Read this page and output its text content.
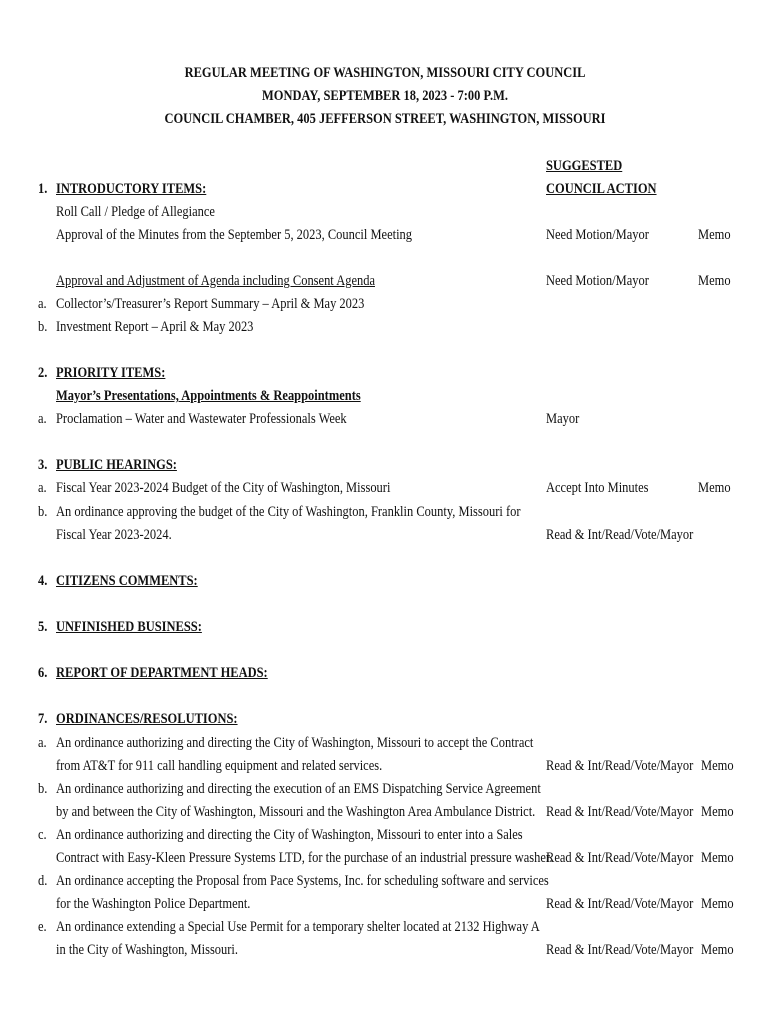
REGULAR MEETING OF WASHINGTON, MISSOURI CITY COUNCIL
MONDAY, SEPTEMBER 18, 2023 - 7:00 P.M.
COUNCIL CHAMBER, 405 JEFFERSON STREET, WASHINGTON, MISSOURI
SUGGESTED
COUNCIL ACTION
1. INTRODUCTORY ITEMS:
Roll Call / Pledge of Allegiance
Approval of the Minutes from the September 5, 2023, Council Meeting	Need Motion/Mayor	Memo
Approval and Adjustment of Agenda including Consent Agenda	Need Motion/Mayor	Memo
a. Collector’s/Treasurer’s Report Summary – April & May 2023
b. Investment Report – April & May 2023
2. PRIORITY ITEMS:
Mayor’s Presentations, Appointments & Reappointments
a. Proclamation – Water and Wastewater Professionals Week	Mayor
3. PUBLIC HEARINGS:
a. Fiscal Year 2023-2024 Budget of the City of Washington, Missouri	Accept Into Minutes	Memo
b. An ordinance approving the budget of the City of Washington, Franklin County, Missouri for
Fiscal Year 2023-2024.	Read & Int/Read/Vote/Mayor
4. CITIZENS COMMENTS:
5. UNFINISHED BUSINESS:
6. REPORT OF DEPARTMENT HEADS:
7. ORDINANCES/RESOLUTIONS:
a. An ordinance authorizing and directing the City of Washington, Missouri to accept the Contract
from AT&T for 911 call handling equipment and related services.	Read & Int/Read/Vote/Mayor Memo
b. An ordinance authorizing and directing the execution of an EMS Dispatching Service Agreement
by and between the City of Washington, Missouri and the Washington Area Ambulance District. Read & Int/Read/Vote/Mayor Memo
c. An ordinance authorizing and directing the City of Washington, Missouri to enter into a Sales
Contract with Easy-Kleen Pressure Systems LTD, for the purchase of an industrial pressure washer.
Read & Int/Read/Vote/Mayor Memo
d. An ordinance accepting the Proposal from Pace Systems, Inc. for scheduling software and services
for the Washington Police Department.	Read & Int/Read/Vote/Mayor Memo
e. An ordinance extending a Special Use Permit for a temporary shelter located at 2132 Highway A
in the City of Washington, Missouri.	Read & Int/Read/Vote/Mayor Memo
